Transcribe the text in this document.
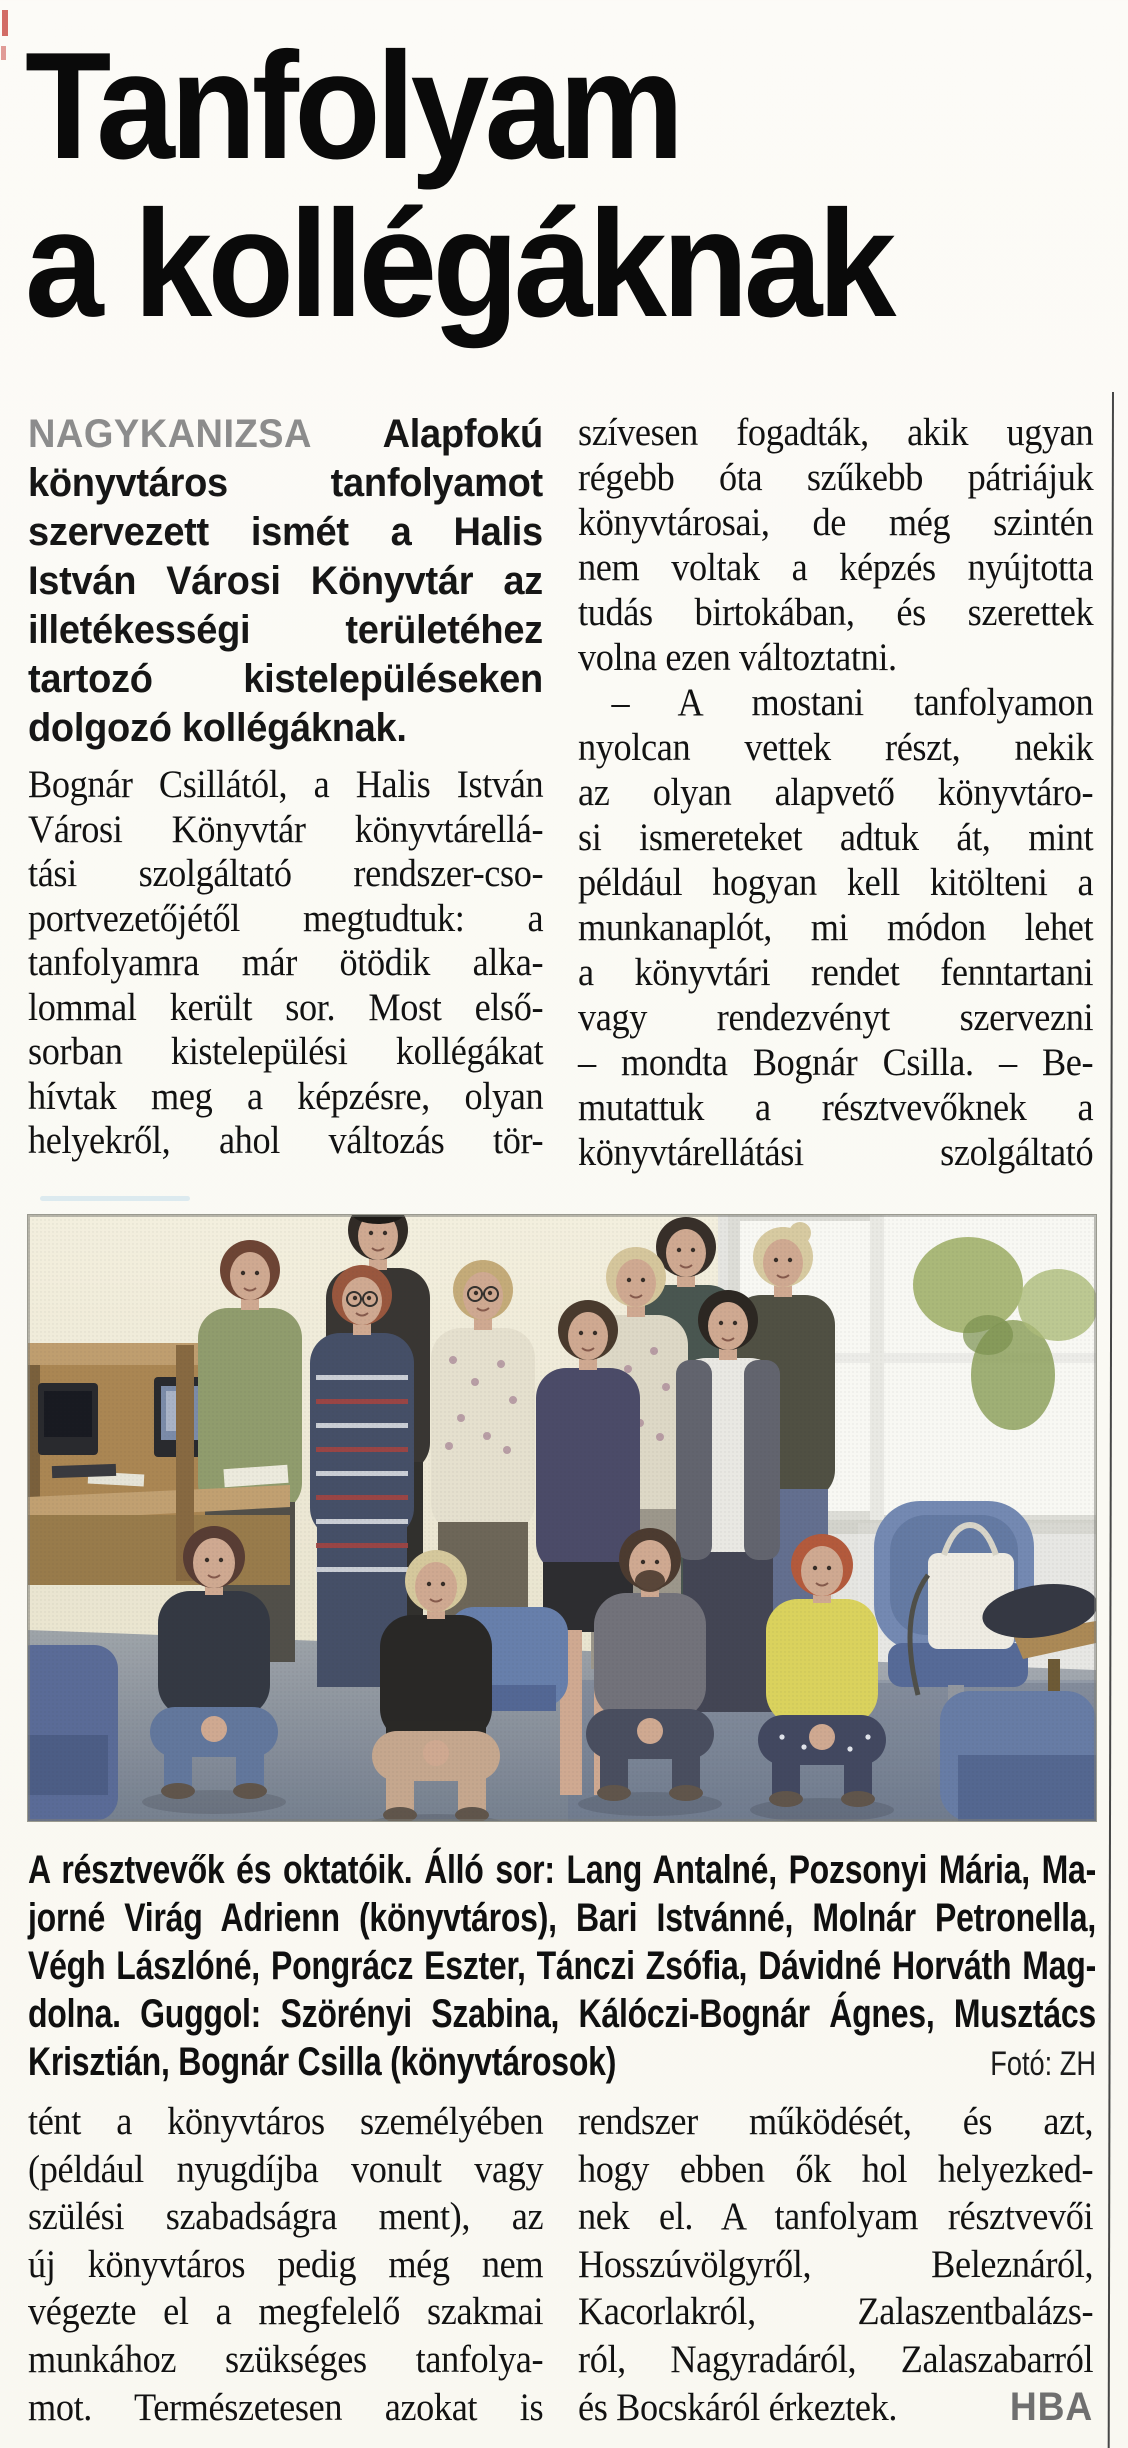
Tanfolyam
a kollégáknak
NAGYKANIZSA Alapfokú
könyvtáros tanfolyamot
szervezett ismét a Halis
István Városi Könyvtár az
illetékességi területéhez
tartozó kistelepüléseken
dolgozó kollégáknak.
Bognár Csillától, a Halis István
Városi Könyvtár könyvtárellá-
tási szolgáltató rendszer-cso-
portvezetőjétől megtudtuk: a
tanfolyamra már ötödik alka-
lommal került sor. Most első-
sorban kistelepülési kollégákat
hívtak meg a képzésre, olyan
helyekről, ahol változás tör-
szívesen fogadták, akik ugyan
régebb óta szűkebb pátriájuk
könyvtárosai, de még szintén
nem voltak a képzés nyújtotta
tudás birtokában, és szerettek
volna ezen változtatni.
– A mostani tanfolyamon
nyolcan vettek részt, nekik
az olyan alapvető könyvtáro-
si ismereteket adtuk át, mint
például hogyan kell kitölteni a
munkanaplót, mi módon lehet
a könyvtári rendet fenntartani
vagy rendezvényt szervezni
– mondta Bognár Csilla. – Be-
mutattuk a résztvevőknek a
könyvtárellátási szolgáltató
A résztvevők és oktatóik. Álló sor: Lang Antalné, Pozsonyi Mária, Ma-
jorné Virág Adrienn (könyvtáros), Bari Istvánné, Molnár Petronella,
Végh Lászlóné, Pongrácz Eszter, Tánczi Zsófia, Dávidné Horváth Mag-
dolna. Guggol: Szörényi Szabina, Kálóczi-Bognár Ágnes, Musztács
Krisztián, Bognár Csilla (könyvtárosok)	Fotó: ZH
tént a könyvtáros személyében
(például nyugdíjba vonult vagy
szülési szabadságra ment), az
új könyvtáros pedig még nem
végezte el a megfelelő szakmai
munkához szükséges tanfolya-
mot. Természetesen azokat is
rendszer működését, és azt,
hogy ebben ők hol helyezked-
nek el. A tanfolyam résztvevői
Hosszúvölgyről, Beleznáról,
Kacorlakról, Zalaszentbalázs-
ról, Nagyradáról, Zalaszabarról
és Bocskáról érkeztek.	HBA
